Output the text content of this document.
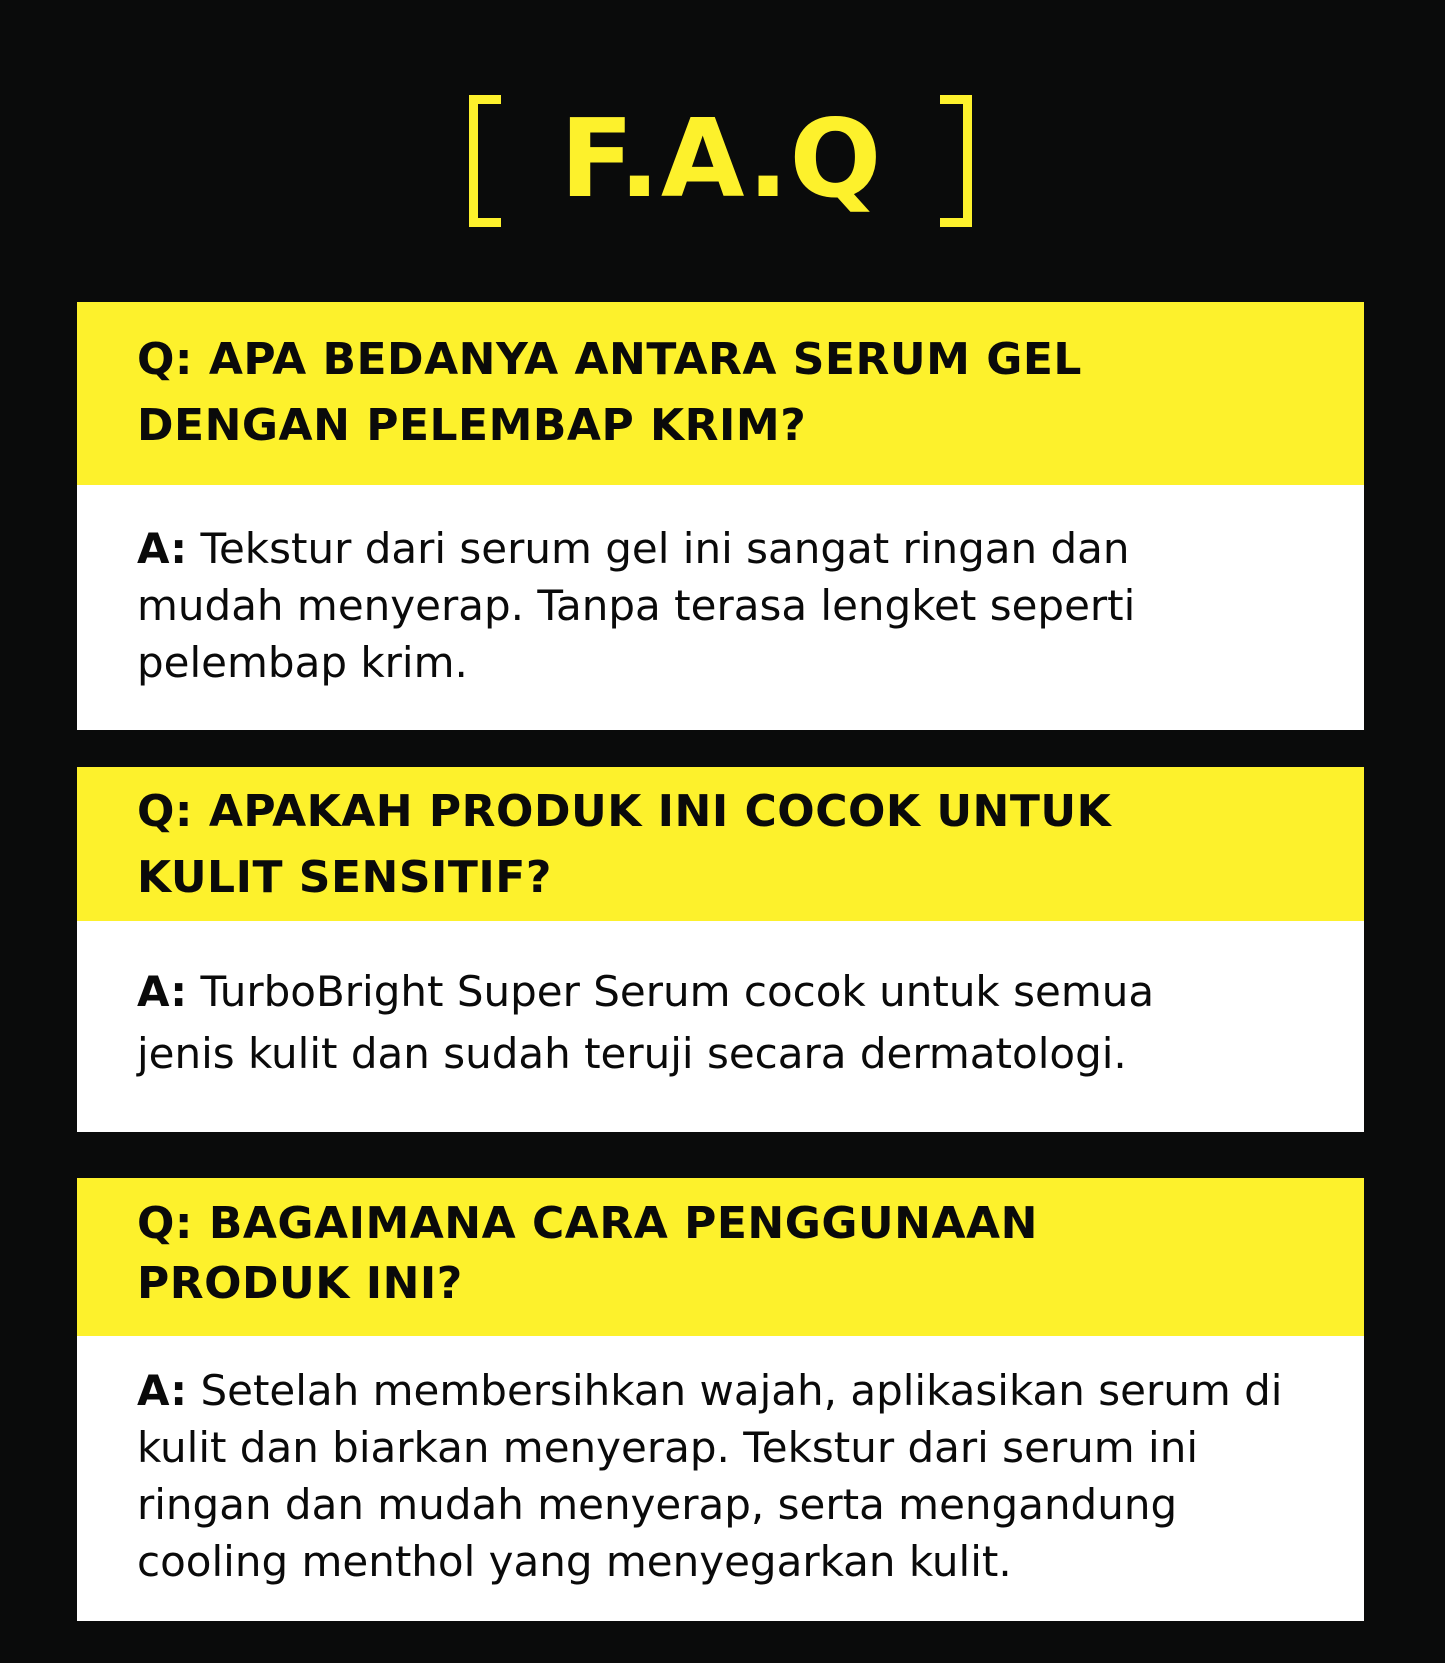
F.A.Q

Q: APA BEDANYA ANTARA SERUM GEL
DENGAN PELEMBAP KRIM?

A: Tekstur dari serum gel ini sangat ringan dan
mudah menyerap. Tanpa terasa lengket seperti
pelembap krim.

Q: APAKAH PRODUK INI COCOK UNTUK
KULIT SENSITIF?

A: TurboBright Super Serum cocok untuk semua
jenis kulit dan sudah teruji secara dermatologi.

Q: BAGAIMANA CARA PENGGUNAAN
PRODUK INI?

A: Setelah membersihkan wajah, aplikasikan serum di
kulit dan biarkan menyerap. Tekstur dari serum ini
ringan dan mudah menyerap, serta mengandung
cooling menthol yang menyegarkan kulit.
